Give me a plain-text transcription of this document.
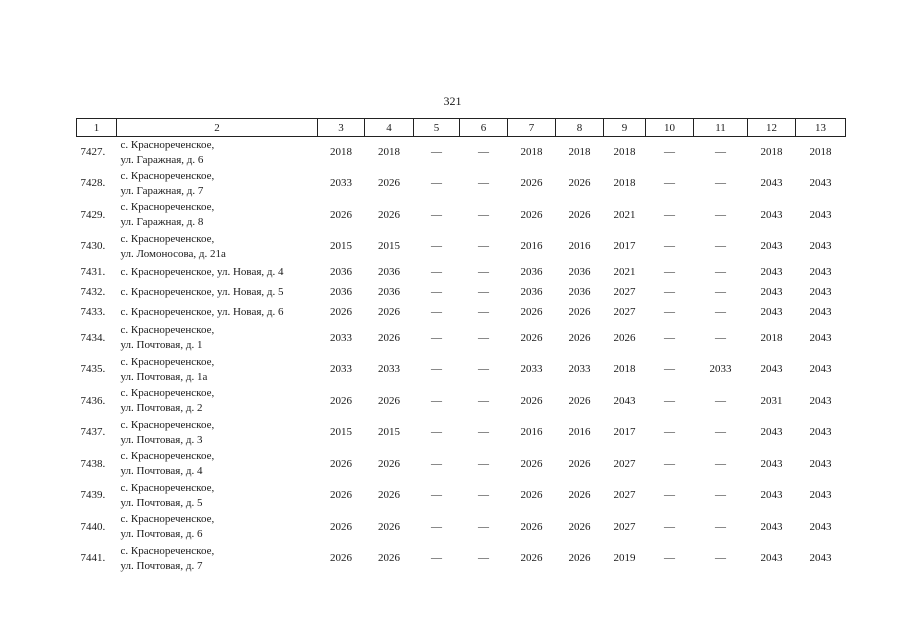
321
1	2	3	4	5	6	7	8	9	10	11	12	13
7427.	с. Краснореченское,
ул. Гаражная, д. 6	2018	2018	—	—	2018	2018	2018	—	—	2018	2018
7428.	с. Краснореченское,
ул. Гаражная, д. 7	2033	2026	—	—	2026	2026	2018	—	—	2043	2043
7429.	с. Краснореченское,
ул. Гаражная, д. 8	2026	2026	—	—	2026	2026	2021	—	—	2043	2043
7430.	с. Краснореченское,
ул. Ломоносова, д. 21а	2015	2015	—	—	2016	2016	2017	—	—	2043	2043
7431.	с. Краснореченское, ул. Новая, д. 4	2036	2036	—	—	2036	2036	2021	—	—	2043	2043
7432.	с. Краснореченское, ул. Новая, д. 5	2036	2036	—	—	2036	2036	2027	—	—	2043	2043
7433.	с. Краснореченское, ул. Новая, д. 6	2026	2026	—	—	2026	2026	2027	—	—	2043	2043
7434.	с. Краснореченское,
ул. Почтовая, д. 1	2033	2026	—	—	2026	2026	2026	—	—	2018	2043
7435.	с. Краснореченское,
ул. Почтовая, д. 1а	2033	2033	—	—	2033	2033	2018	—	2033	2043	2043
7436.	с. Краснореченское,
ул. Почтовая, д. 2	2026	2026	—	—	2026	2026	2043	—	—	2031	2043
7437.	с. Краснореченское,
ул. Почтовая, д. 3	2015	2015	—	—	2016	2016	2017	—	—	2043	2043
7438.	с. Краснореченское,
ул. Почтовая, д. 4	2026	2026	—	—	2026	2026	2027	—	—	2043	2043
7439.	с. Краснореченское,
ул. Почтовая, д. 5	2026	2026	—	—	2026	2026	2027	—	—	2043	2043
7440.	с. Краснореченское,
ул. Почтовая, д. 6	2026	2026	—	—	2026	2026	2027	—	—	2043	2043
7441.	с. Краснореченское,
ул. Почтовая, д. 7	2026	2026	—	—	2026	2026	2019	—	—	2043	2043
